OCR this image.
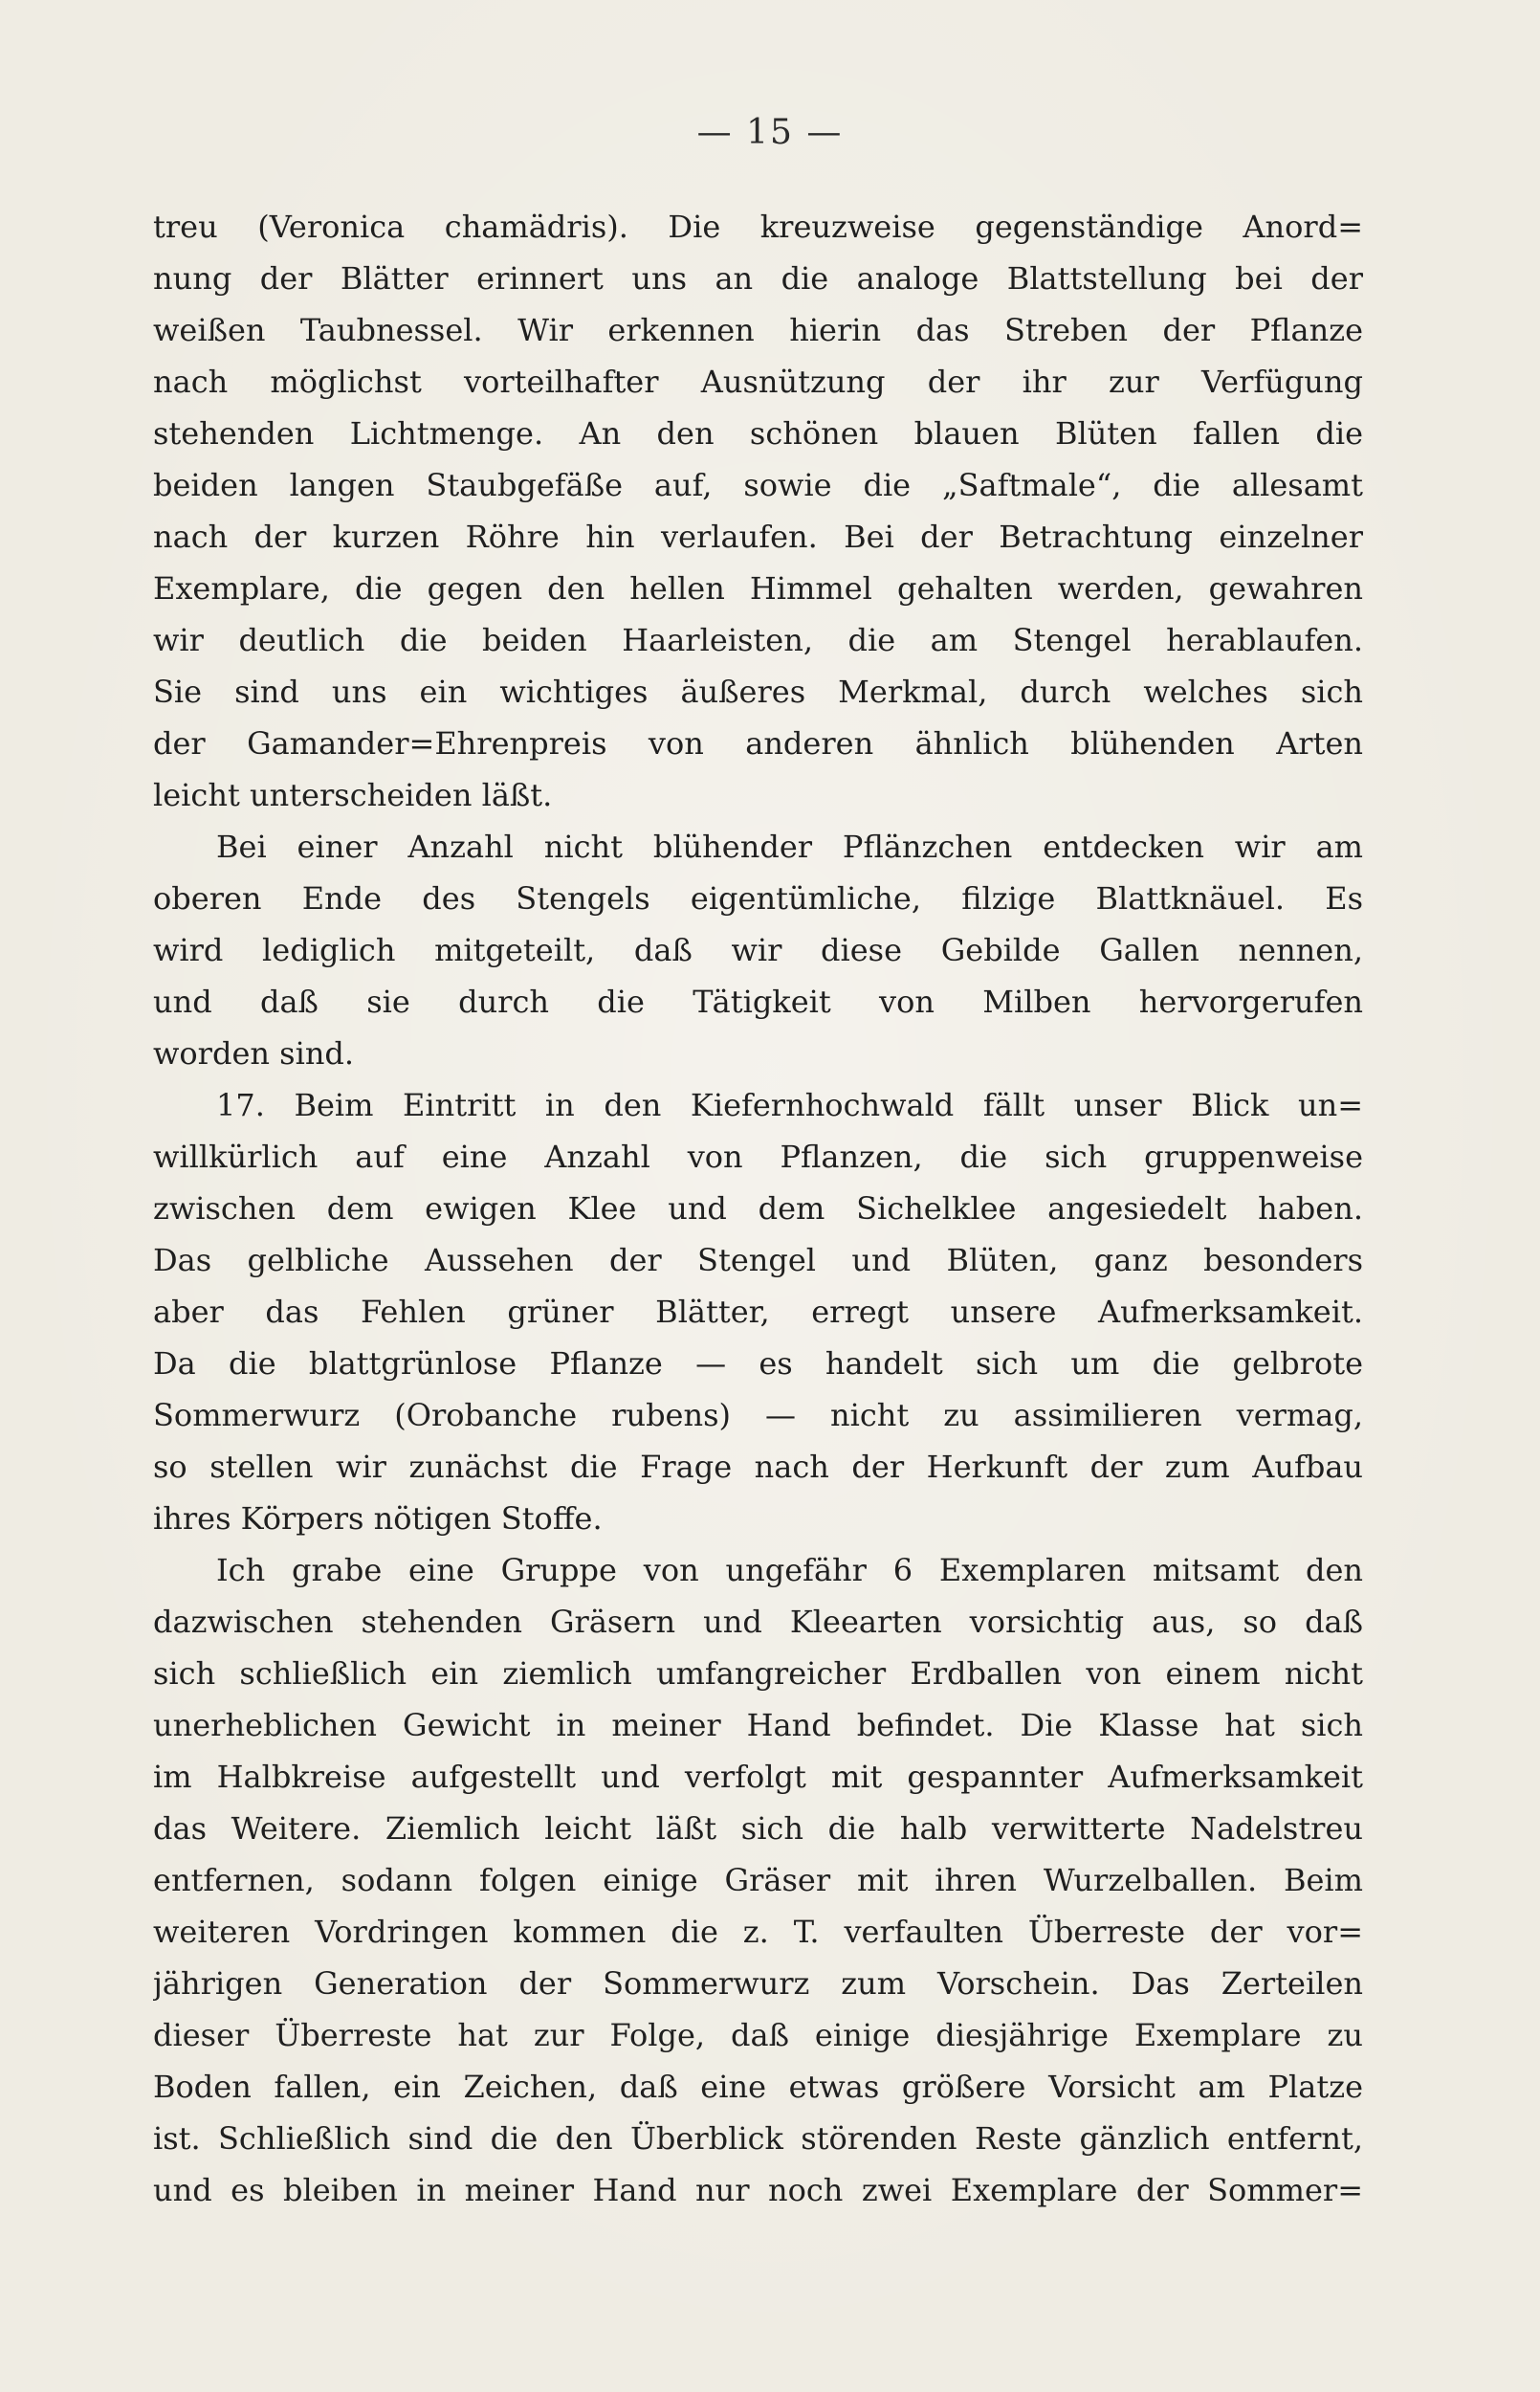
— 15 —
treu (Veronica chamädris). Die kreuzweise gegenständige Anord=
nung der Blätter erinnert uns an die analoge Blattstellung bei der
weißen Taubnessel. Wir erkennen hierin das Streben der Pflanze
nach möglichst vorteilhafter Ausnützung der ihr zur Verfügung
stehenden Lichtmenge. An den schönen blauen Blüten fallen die
beiden langen Staubgefäße auf, sowie die „Saftmale“, die allesamt
nach der kurzen Röhre hin verlaufen. Bei der Betrachtung einzelner
Exemplare, die gegen den hellen Himmel gehalten werden, gewahren
wir deutlich die beiden Haarleisten, die am Stengel herablaufen.
Sie sind uns ein wichtiges äußeres Merkmal, durch welches sich
der Gamander=Ehrenpreis von anderen ähnlich blühenden Arten
leicht unterscheiden läßt.
Bei einer Anzahl nicht blühender Pflänzchen entdecken wir am
oberen Ende des Stengels eigentümliche, filzige Blattknäuel. Es
wird lediglich mitgeteilt, daß wir diese Gebilde Gallen nennen,
und daß sie durch die Tätigkeit von Milben hervorgerufen
worden sind.
17. Beim Eintritt in den Kiefernhochwald fällt unser Blick un=
willkürlich auf eine Anzahl von Pflanzen, die sich gruppenweise
zwischen dem ewigen Klee und dem Sichelklee angesiedelt haben.
Das gelbliche Aussehen der Stengel und Blüten, ganz besonders
aber das Fehlen grüner Blätter, erregt unsere Aufmerksamkeit.
Da die blattgrünlose Pflanze — es handelt sich um die gelbrote
Sommerwurz (Orobanche rubens) — nicht zu assimilieren vermag,
so stellen wir zunächst die Frage nach der Herkunft der zum Aufbau
ihres Körpers nötigen Stoffe.
Ich grabe eine Gruppe von ungefähr 6 Exemplaren mitsamt den
dazwischen stehenden Gräsern und Kleearten vorsichtig aus, so daß
sich schließlich ein ziemlich umfangreicher Erdballen von einem nicht
unerheblichen Gewicht in meiner Hand befindet. Die Klasse hat sich
im Halbkreise aufgestellt und verfolgt mit gespannter Aufmerksamkeit
das Weitere. Ziemlich leicht läßt sich die halb verwitterte Nadelstreu
entfernen, sodann folgen einige Gräser mit ihren Wurzelballen. Beim
weiteren Vordringen kommen die z. T. verfaulten Überreste der vor=
jährigen Generation der Sommerwurz zum Vorschein. Das Zerteilen
dieser Überreste hat zur Folge, daß einige diesjährige Exemplare zu
Boden fallen, ein Zeichen, daß eine etwas größere Vorsicht am Platze
ist. Schließlich sind die den Überblick störenden Reste gänzlich entfernt,
und es bleiben in meiner Hand nur noch zwei Exemplare der Sommer=
